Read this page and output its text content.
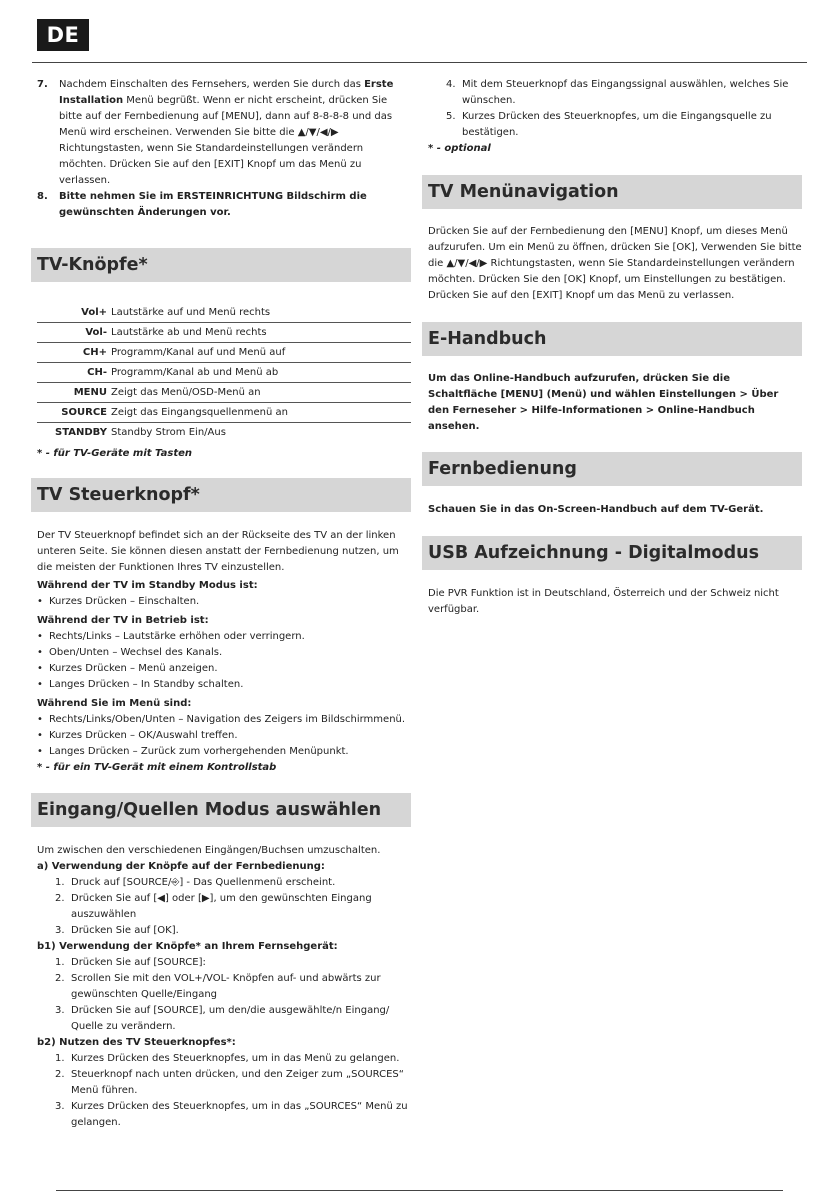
DE
7. Nachdem Einschalten des Fernsehers, werden Sie durch das Erste Installation Menü begrüßt. Wenn er nicht erscheint, drücken Sie bitte auf der Fernbedienung auf [MENU], dann auf 8-8-8-8 und das Menü wird erscheinen. Verwenden Sie bitte die ▲/▼/◀/▶ Richtungstasten, wenn Sie Standardeinstellungen verändern möchten. Drücken Sie auf den [EXIT] Knopf um das Menü zu verlassen.
8. Bitte nehmen Sie im ERSTEINRICHTUNG Bildschirm die gewünschten Änderungen vor.
TV-Knöpfe*
Vol+	Lautstärke auf und Menü rechts
Vol-	Lautstärke ab und Menü rechts
CH+	Programm/Kanal auf und Menü auf
CH-	Programm/Kanal ab und Menü ab
MENU	Zeigt das Menü/OSD-Menü an
SOURCE	Zeigt das Eingangsquellenmenü an
STANDBY	Standby Strom Ein/Aus

* - für TV-Geräte mit Tasten

TV Steuerknopf*

Der TV Steuerknopf befindet sich an der Rückseite des TV an der linken unteren Seite. Sie können diesen anstatt der Fernbedienung nutzen, um die meisten der Funktionen Ihres TV einzustellen.

Während der TV im Standby Modus ist:

• Kurzes Drücken – Einschalten.

Während der TV in Betrieb ist:

• Rechts/Links – Lautstärke erhöhen oder verringern.
• Oben/Unten – Wechsel des Kanals.
• Kurzes Drücken – Menü anzeigen.
• Langes Drücken – In Standby schalten.

Während Sie im Menü sind:

• Rechts/Links/Oben/Unten – Navigation des Zeigers im Bildschirmmenü.
• Kurzes Drücken – OK/Auswahl treffen.
• Langes Drücken – Zurück zum vorhergehenden Menüpunkt.

* - für ein TV-Gerät mit einem Kontrollstab

Eingang/Quellen Modus auswählen

Um zwischen den verschiedenen Eingängen/Buchsen umzuschalten.

a) Verwendung der Knöpfe auf der Fernbedienung:

1. Druck auf [SOURCE/⎆] - Das Quellenmenü erscheint.
2. Drücken Sie auf [◀] oder [▶], um den gewünschten Eingang auszuwählen
3. Drücken Sie auf [OK].

b1) Verwendung der Knöpfe* an Ihrem Fernsehgerät:

1. Drücken Sie auf [SOURCE]:
2. Scrollen Sie mit den VOL+/VOL- Knöpfen auf- und abwärts zur gewünschten Quelle/Eingang
3. Drücken Sie auf [SOURCE], um den/die ausgewählte/n Eingang/ Quelle zu verändern.

b2) Nutzen des TV Steuerknopfes*:

1. Kurzes Drücken des Steuerknopfes, um in das Menü zu gelangen.
2. Steuerknopf nach unten drücken, und den Zeiger zum „SOURCES“ Menü führen.
3. Kurzes Drücken des Steuerknopfes, um in das „SOURCES“ Menü zu gelangen.
4. Mit dem Steuerknopf das Eingangssignal auswählen, welches Sie wünschen.
5. Kurzes Drücken des Steuerknopfes, um die Eingangsquelle zu bestätigen.

* - optional

TV Menünavigation

Drücken Sie auf der Fernbedienung den [MENU] Knopf, um dieses Menü aufzurufen. Um ein Menü zu öffnen, drücken Sie [OK], Verwenden Sie bitte die ▲/▼/◀/▶ Richtungstasten, wenn Sie Standardeinstellungen verändern möchten. Drücken Sie den [OK] Knopf, um Einstellungen zu bestätigen. Drücken Sie auf den [EXIT] Knopf um das Menü zu verlassen.

E-Handbuch

Um das Online-Handbuch aufzurufen, drücken Sie die Schaltfläche [MENU] (Menü) und wählen Einstellungen > Über den Ferneseher > Hilfe-Informationen > Online-Handbuch ansehen.

Fernbedienung

Schauen Sie in das On-Screen-Handbuch auf dem TV-Gerät.

USB Aufzeichnung - Digitalmodus

Die PVR Funktion ist in Deutschland, Österreich und der Schweiz nicht verfügbar.
